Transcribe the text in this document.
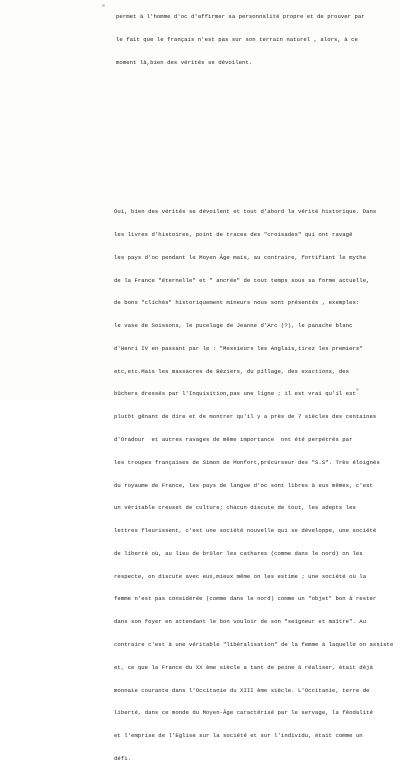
permet à l'homme d'oc d'affirmer sa personnalité propre et de prouver par

le fait que le français n'est pas sur son terrain naturel , alors, à ce

moment là,bien des vérités se dévoilent.

Oui, bien des vérités se dévoilent et tout d'abord la vérité historique. Dans

les livres d'histoires, point de traces des "croisades" qui ont ravagé

les pays d'oc pendant le Moyen Âge mais, au contraire, fortifiant le mythe

de la France "éternelle" et " ancrée" de tout temps sous sa forme actuelle,

de bons "clichés" historiquement mineurs nous sont présentés , exemples:

le vase de Soissons, le pucelage de Jeanne d'Arc (?), le panache blanc

d'Henri IV en passant par le : "Messieurs les Anglais,tirez les premiers"

etc,etc.Mais les massacres de Béziers, du pillage, des exactions, des

bûchers dressés par l'Inquisition,pas une ligne ; il est vrai qu'il est

plutôt gênant de dire et de montrer qu'il y a près de 7 siècles des centaines

d'Oradour  et autres ravages de même importance  ont été perpétrés par

les troupes françaises de Simon de Monfort,précurseur des "S.S". Très éloignés

du royaume de France, les pays de langue d'oc sont libres à eux mêmes, c'est

un véritable creuset de culture; chacun discute de tout, les adepts les

lettres fleurissent, c'est une société nouvelle qui se développe, une société

de liberté où, au lieu de brûler les cathares (comme dans le nord) on les

respecte, on discute avec eux,mieux même on les estime ; une société où la

femme n'est pas considérée (comme dans le nord) comme un "objet" bon à rester

dans son foyer en attendant le bon vouloir de son "seigneur et maître". Au

contraire c'est à une véritable "libéralisation" de la femme à laquelle on assiste

et, ce que la France du XX ème siècle a tant de peine à réaliser, était déjà

monnaie courante dans l'Occitanie du XIII ème siècle. L'Occitanie, terre de

liberté, dans ce monde du Moyen-Âge caractérisé par le servage, la féodalité

et l'emprise de l'Eglise sur la société et sur l'individu, était comme un

défi.
